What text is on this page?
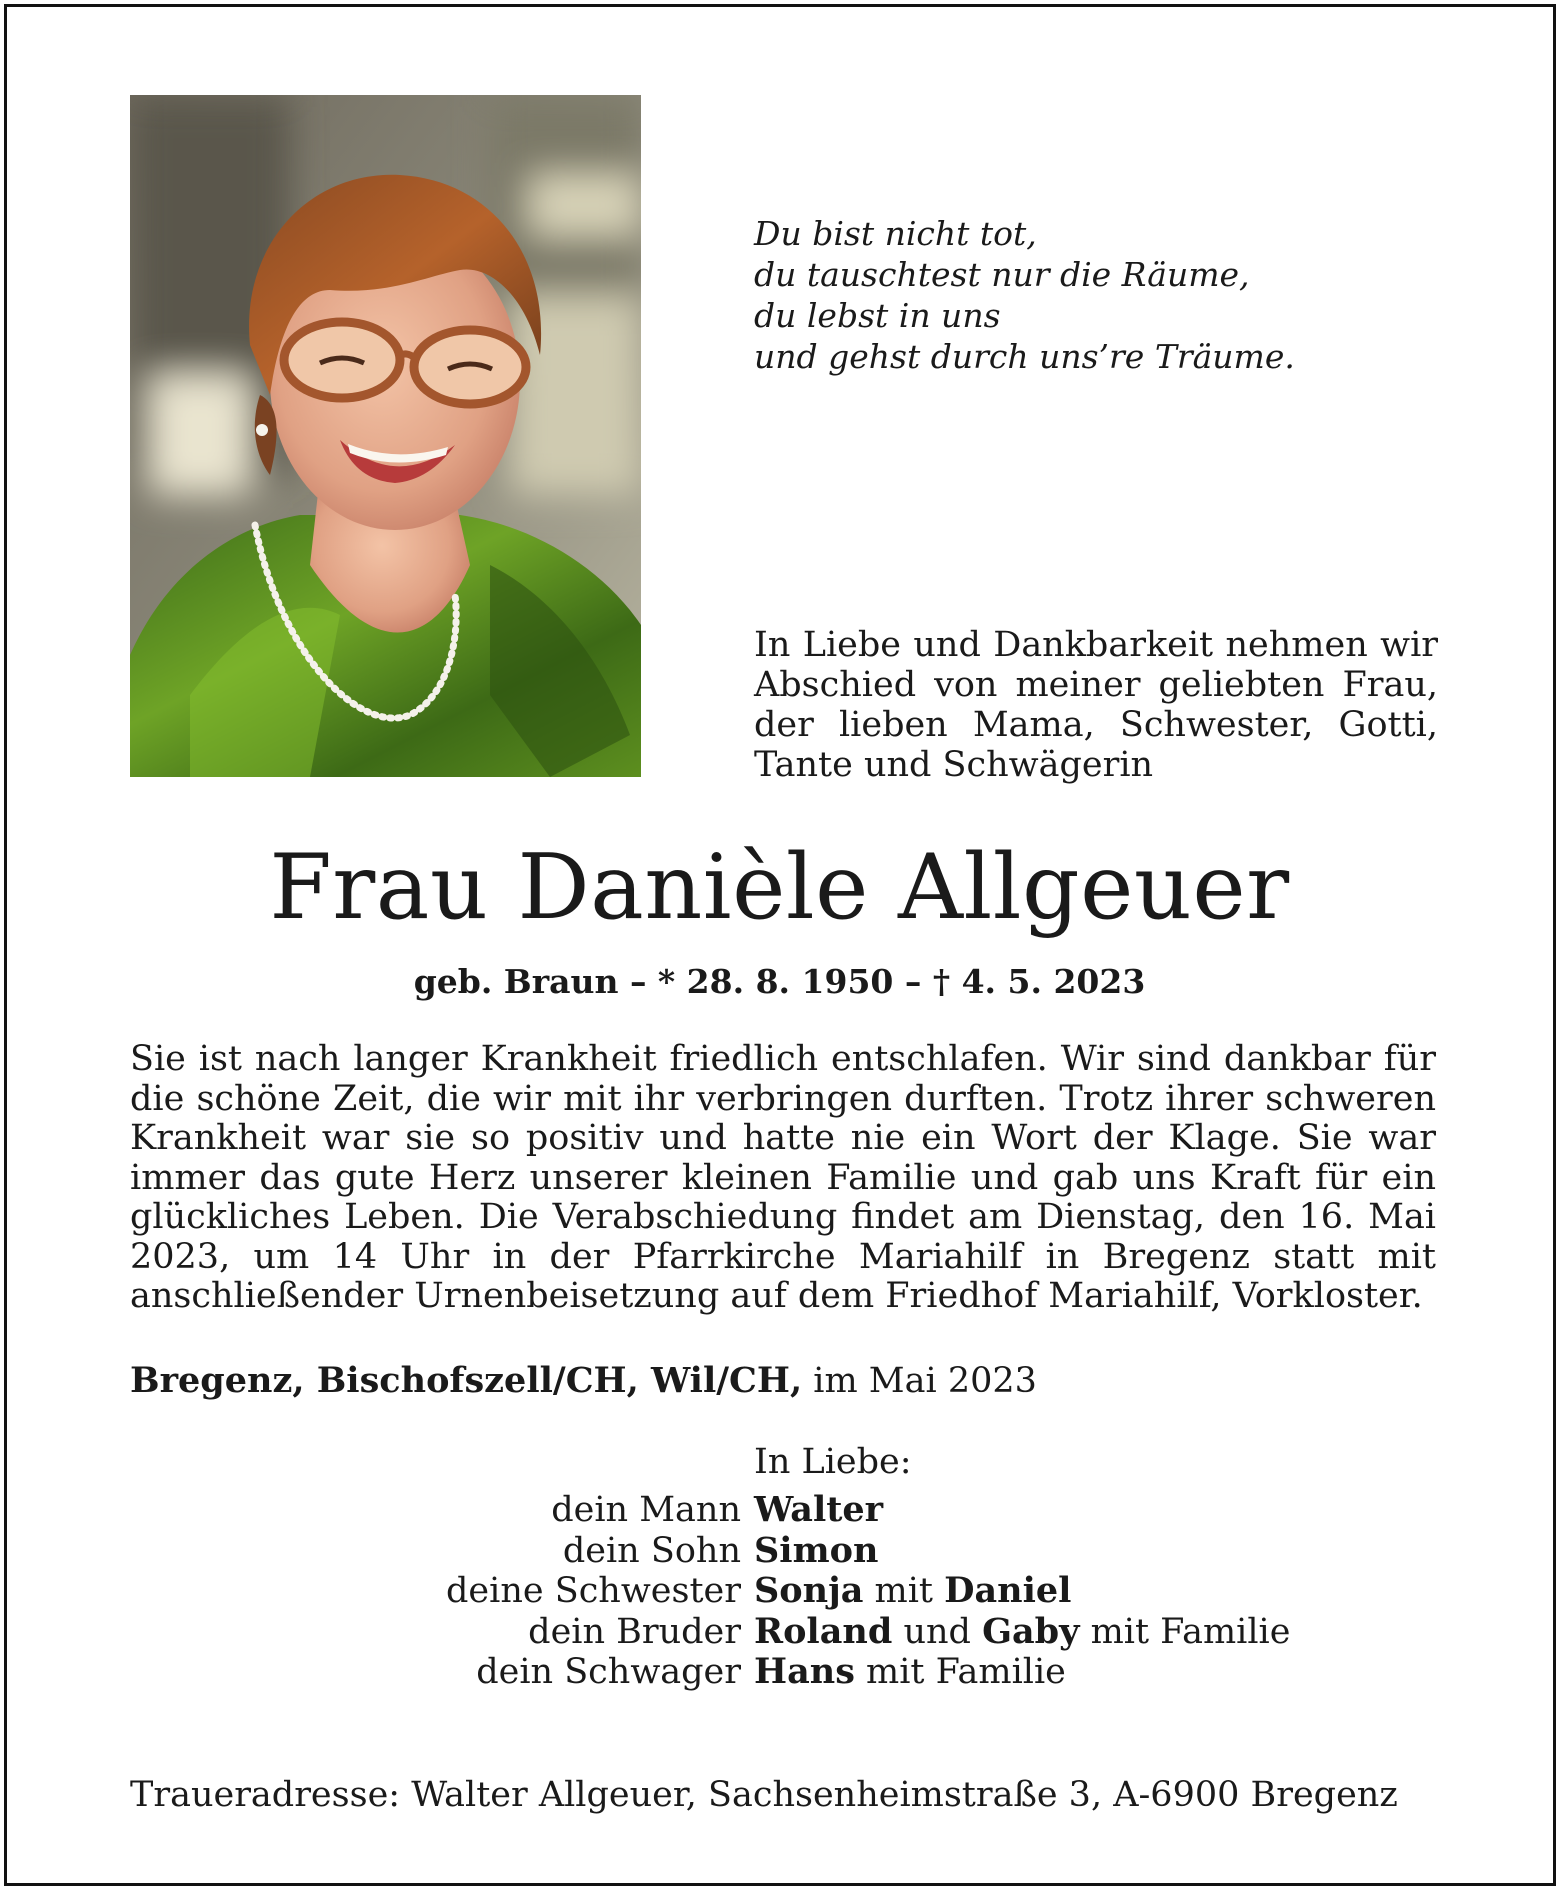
Du bist nicht tot,
du tauschtest nur die Räume,
du lebst in uns
und gehst durch uns’re Träume.
In Liebe und Dankbarkeit nehmen wir Abschied von meiner geliebten Frau, der lieben Mama, Schwester, Gotti, Tante und Schwägerin
Frau Danièle Allgeuer
geb. Braun – * 28. 8. 1950 – † 4. 5. 2023
Sie ist nach langer Krankheit friedlich entschlafen. Wir sind dankbar für die schöne Zeit, die wir mit ihr verbringen durften. Trotz ihrer schweren Krankheit war sie so positiv und hatte nie ein Wort der Klage. Sie war immer das gute Herz unserer kleinen Familie und gab uns Kraft für ein glückliches Leben. Die Verabschiedung findet am Dienstag, den 16. Mai 2023, um 14 Uhr in der Pfarrkirche Mariahilf in Bregenz statt mit anschließender Urnenbeisetzung auf dem Friedhof Mariahilf, Vorkloster.
Bregenz, Bischofszell/CH, Wil/CH, im Mai 2023
In Liebe:
dein Mann Walter
dein Sohn Simon
deine Schwester Sonja mit Daniel
dein Bruder Roland und Gaby mit Familie
dein Schwager Hans mit Familie
Traueradresse: Walter Allgeuer, Sachsenheimstraße 3, A-6900 Bregenz
